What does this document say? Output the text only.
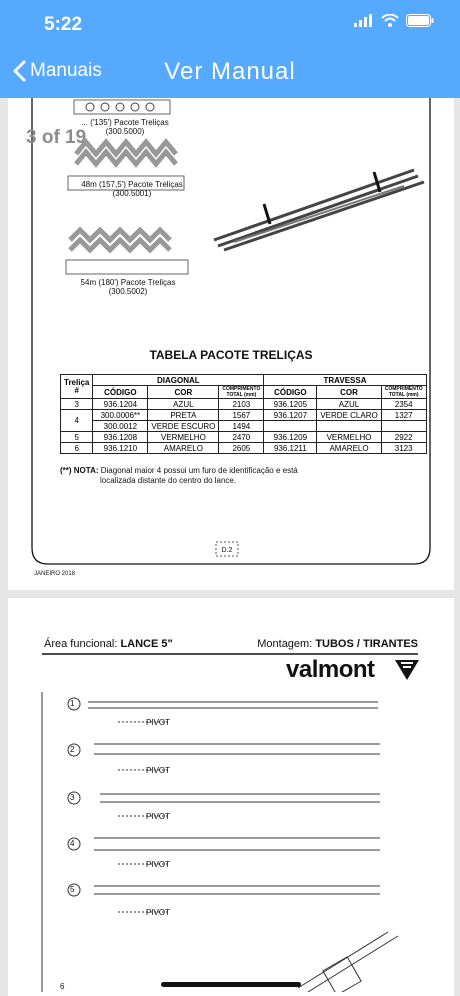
5:22
Manuais	Ver Manual
3 of 19
... ('135') Pacote Treliças
(300.5000)
48m (157,5') Pacote Treliças
(300.5001)
54m (180') Pacote Treliças
(300.5002)
TABELA PACOTE TRELIÇAS
Treliça #	DIAGONAL			TRAVESSA		
	CÓDIGO	COR	COMPRIMENTO TOTAL (mm)	CÓDIGO	COR	COMPRIMENTO TOTAL (mm)
3	936.1204	AZUL	2103	936.1205	AZUL	2354
4	300.0006**	PRETA	1567	936.1207	VERDE CLARO	1327
	300.0012	VERDE ESCURO	1494			
5	936.1208	VERMELHO	2470	936.1209	VERMELHO	2922
6	936.1210	AMARELO	2605	936.1211	AMARELO	3123
(**) NOTA: Diagonal maior 4 possui um furo de identificação e está
localizada distante do centro do lance.
D.2
JANEIRO 2018
Área funcional: LANCE 5"	Montagem: TUBOS / TIRANTES
valmont
1
2
3
4
5
6
PIVOT
PIVOT
PIVOT
PIVOT
PIVOT
